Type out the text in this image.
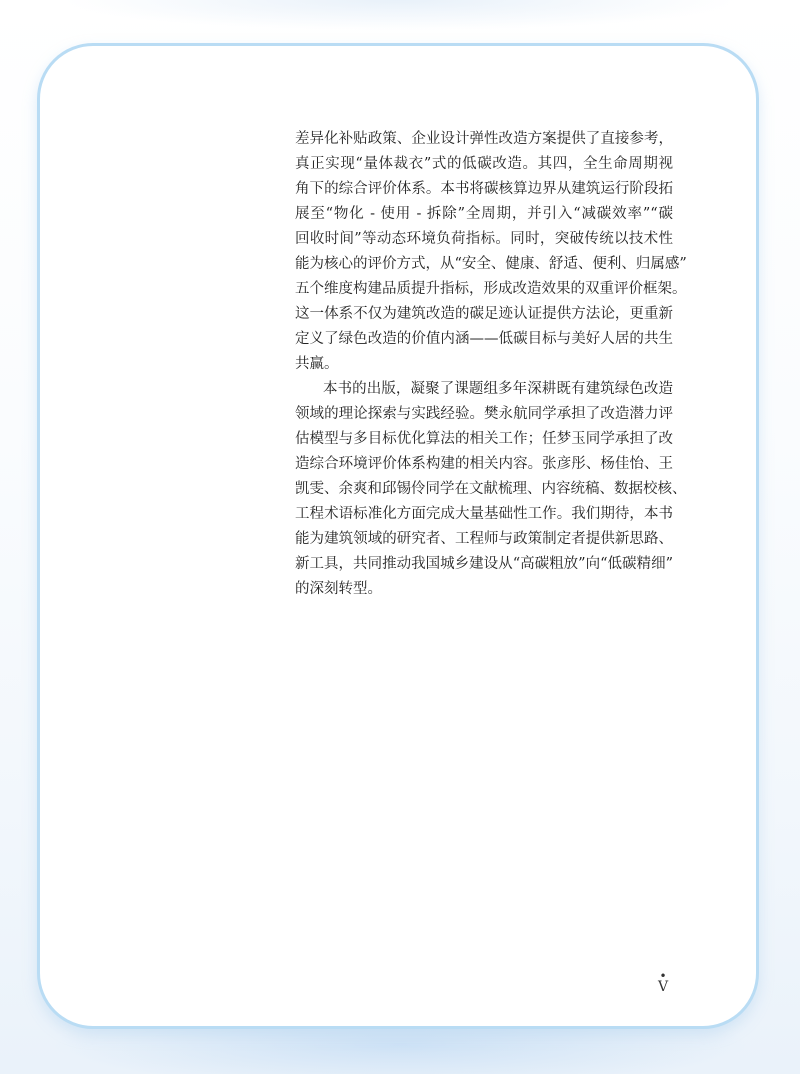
差异化补贴政策、企业设计弹性改造方案提供了直接参考，
真正实现“量体裁衣”式的低碳改造。其四，全生命周期视
角下的综合评价体系。本书将碳核算边界从建筑运行阶段拓
展至“物化 - 使用 - 拆除”全周期，并引入“减碳效率”“碳
回收时间”等动态环境负荷指标。同时，突破传统以技术性
能为核心的评价方式，从“安全、健康、舒适、便利、归属感”
五个维度构建品质提升指标，形成改造效果的双重评价框架。
这一体系不仅为建筑改造的碳足迹认证提供方法论，更重新
定义了绿色改造的价值内涵——低碳目标与美好人居的共生
共赢。
本书的出版，凝聚了课题组多年深耕既有建筑绿色改造
领域的理论探索与实践经验。樊永航同学承担了改造潜力评
估模型与多目标优化算法的相关工作；任梦玉同学承担了改
造综合环境评价体系构建的相关内容。张彦彤、杨佳怡、王
凯雯、余爽和邱锡伶同学在文献梳理、内容统稿、数据校核、
工程术语标准化方面完成大量基础性工作。我们期待，本书
能为建筑领域的研究者、工程师与政策制定者提供新思路、
新工具，共同推动我国城乡建设从“高碳粗放”向“低碳精细”
的深刻转型。
•
V
